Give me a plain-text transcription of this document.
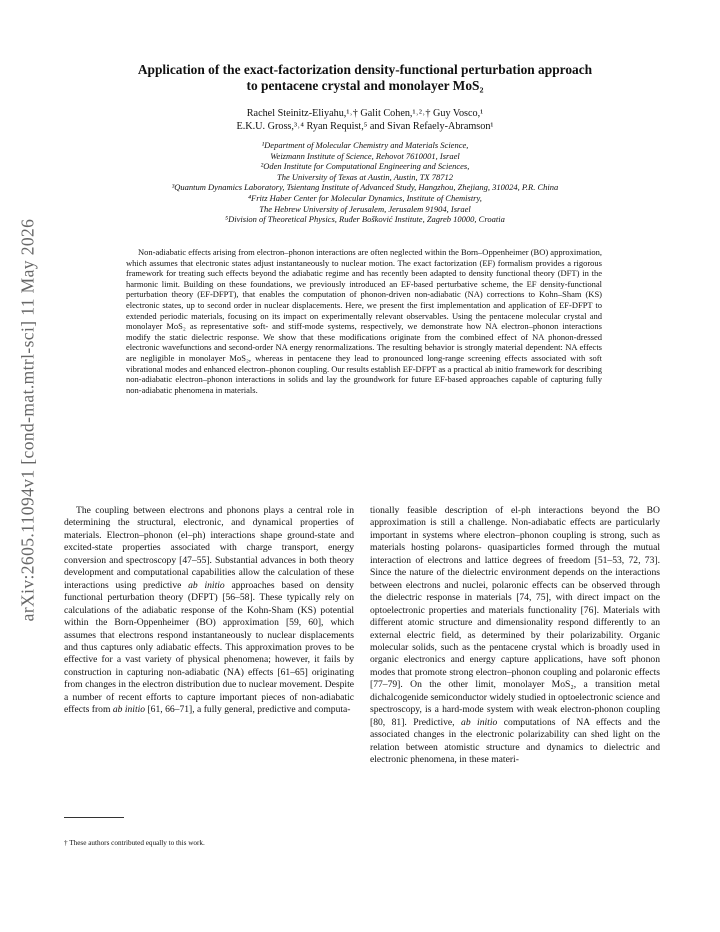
arXiv:2605.11094v1 [cond-mat.mtrl-sci] 11 May 2026
Application of the exact-factorization density-functional perturbation approach
to pentacene crystal and monolayer MoS₂
Rachel Steinitz-Eliyahu,¹˒† Galit Cohen,¹˒²˒† Guy Vosco,¹
E.K.U. Gross,³˒⁴ Ryan Requist,⁵ and Sivan Refaely-Abramson¹
¹Department of Molecular Chemistry and Materials Science,
Weizmann Institute of Science, Rehovot 7610001, Israel
²Oden Institute for Computational Engineering and Sciences,
The University of Texas at Austin, Austin, TX 78712
³Quantum Dynamics Laboratory, Tsientang Institute of Advanced Study, Hangzhou, Zhejiang, 310024, P.R. China
⁴Fritz Haber Center for Molecular Dynamics, Institute of Chemistry,
The Hebrew University of Jerusalem, Jerusalem 91904, Israel
⁵Division of Theoretical Physics, Ruđer Bošković Institute, Zagreb 10000, Croatia
Non-adiabatic effects arising from electron–phonon interactions are often neglected within the Born–Oppenheimer (BO) approximation, which assumes that electronic states adjust instantaneously to nuclear motion. The exact factorization (EF) formalism provides a rigorous framework for treating such effects beyond the adiabatic regime and has recently been adapted to density functional theory (DFT) in the harmonic limit. Building on these foundations, we previously introduced an EF-based perturbative scheme, the EF density-functional perturbation theory (EF-DFPT), that enables the computation of phonon-driven non-adiabatic (NA) corrections to Kohn–Sham (KS) electronic states, up to second order in nuclear displacements. Here, we present the first implementation and application of EF-DFPT to extended periodic materials, focusing on its impact on experimentally relevant observables. Using the pentacene molecular crystal and monolayer MoS₂ as representative soft- and stiff-mode systems, respectively, we demonstrate how NA electron–phonon interactions modify the static dielectric response. We show that these modifications originate from the combined effect of NA phonon-dressed electronic wavefunctions and second-order NA energy renormalizations. The resulting behavior is strongly material dependent: NA effects are negligible in monolayer MoS₂, whereas in pentacene they lead to pronounced long-range screening effects associated with soft vibrational modes and enhanced electron–phonon coupling. Our results establish EF-DFPT as a practical ab initio framework for describing non-adiabatic electron–phonon interactions in solids and lay the groundwork for future EF-based approaches capable of capturing fully non-adiabatic phenomena in materials.
The coupling between electrons and phonons plays a central role in determining the structural, electronic, and dynamical properties of materials. Electron–phonon (el–ph) interactions shape ground-state and excited-state properties associated with charge transport, energy conversion and spectroscopy [47–55]. Substantial advances in both theory development and computational capabilities allow the calculation of these interactions using predictive ab initio approaches based on density functional perturbation theory (DFPT) [56–58]. These typically rely on calculations of the adiabatic response of the Kohn-Sham (KS) potential within the Born-Oppenheimer (BO) approximation [59, 60], which assumes that electrons respond instantaneously to nuclear displacements and thus captures only adiabatic effects. This approximation proves to be effective for a vast variety of physical phenomena; however, it fails by construction in capturing non-adiabatic (NA) effects [61–65] originating from changes in the electron distribution due to nuclear movement. Despite a number of recent efforts to capture important pieces of non-adiabatic effects from ab initio [61, 66–71], a fully general, predictive and computa-
tionally feasible description of el-ph interactions beyond the BO approximation is still a challenge. Non-adiabatic effects are particularly important in systems where electron–phonon coupling is strong, such as materials hosting polarons- quasiparticles formed through the mutual interaction of electrons and lattice degrees of freedom [51–53, 72, 73]. Since the nature of the dielectric environment depends on the interactions between electrons and nuclei, polaronic effects can be observed through the dielectric response in materials [74, 75], with direct impact on the optoelectronic properties and materials functionality [76]. Materials with different atomic structure and dimensionality respond differently to an external electric field, as determined by their polarizability. Organic molecular solids, such as the pentacene crystal which is broadly used in organic electronics and energy capture applications, have soft phonon modes that promote strong electron–phonon coupling and polaronic effects [77–79]. On the other limit, monolayer MoS₂, a transition metal dichalcogenide semiconductor widely studied in optoelectronic science and spectroscopy, is a hard-mode system with weak electron-phonon coupling [80, 81]. Predictive, ab initio computations of NA effects and the associated changes in the electronic polarizability can shed light on the relation between atomistic structure and dynamics to dielectric and electronic phenomena, in these materi-
† These authors contributed equally to this work.
